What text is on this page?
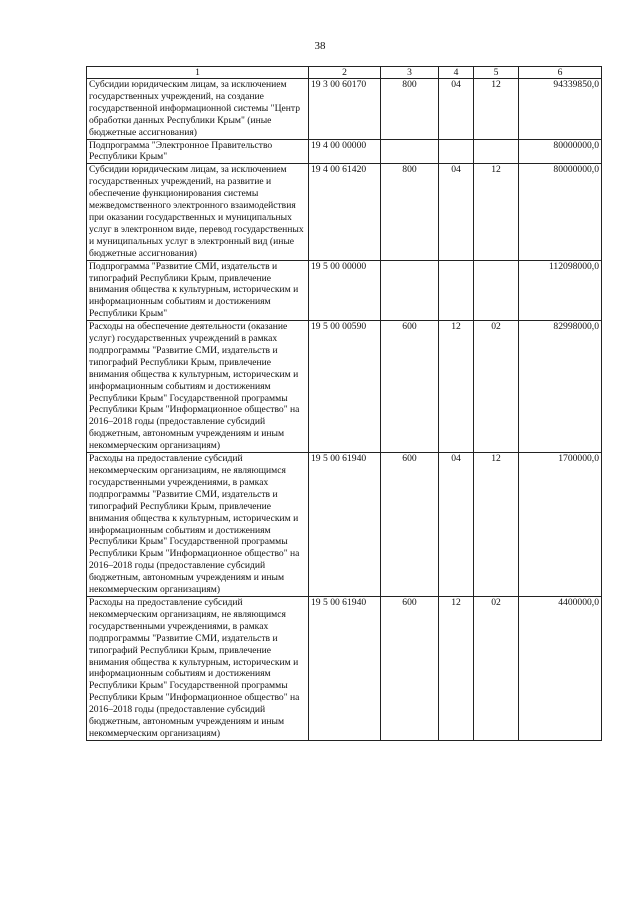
38
1	2	3	4	5	6
Субсидии юридическим лицам, за исключением государственных учреждений, на создание государственной информационной системы "Центр обработки данных Республики Крым" (иные бюджетные ассигнования)	19 3 00 60170	800	04	12	94339850,0
Подпрограмма "Электронное Правительство Республики Крым"	19 4 00 00000				80000000,0
Субсидии юридическим лицам, за исключением государственных учреждений, на развитие и обеспечение функционирования системы межведомственного электронного взаимодействия при оказании государственных и муниципальных услуг в электронном виде, перевод государственных и муниципальных услуг в электронный вид (иные бюджетные ассигнования)	19 4 00 61420	800	04	12	80000000,0
Подпрограмма "Развитие СМИ, издательств и типографий Республики Крым, привлечение внимания общества к культурным, историческим и информационным событиям и достижениям Республики Крым"	19 5 00 00000				112098000,0
Расходы на обеспечение деятельности (оказание услуг) государственных учреждений в рамках подпрограммы "Развитие СМИ, издательств и типографий Республики Крым, привлечение внимания общества к культурным, историческим и информационным событиям и достижениям Республики Крым" Государственной программы Республики Крым "Информационное общество" на 2016–2018 годы (предоставление субсидий бюджетным, автономным учреждениям и иным некоммерческим организациям)	19 5 00 00590	600	12	02	82998000,0
Расходы на предоставление субсидий некоммерческим организациям, не являющимся государственными учреждениями, в рамках подпрограммы "Развитие СМИ, издательств и типографий Республики Крым, привлечение внимания общества к культурным, историческим и информационным событиям и достижениям Республики Крым" Государственной программы Республики Крым "Информационное общество" на 2016–2018 годы (предоставление субсидий бюджетным, автономным учреждениям и иным некоммерческим организациям)	19 5 00 61940	600	04	12	1700000,0
Расходы на предоставление субсидий некоммерческим организациям, не являющимся государственными учреждениями, в рамках подпрограммы "Развитие СМИ, издательств и типографий Республики Крым, привлечение внимания общества к культурным, историческим и информационным событиям и достижениям Республики Крым" Государственной программы Республики Крым "Информационное общество" на 2016–2018 годы (предоставление субсидий бюджетным, автономным учреждениям и иным некоммерческим организациям)	19 5 00 61940	600	12	02	4400000,0
